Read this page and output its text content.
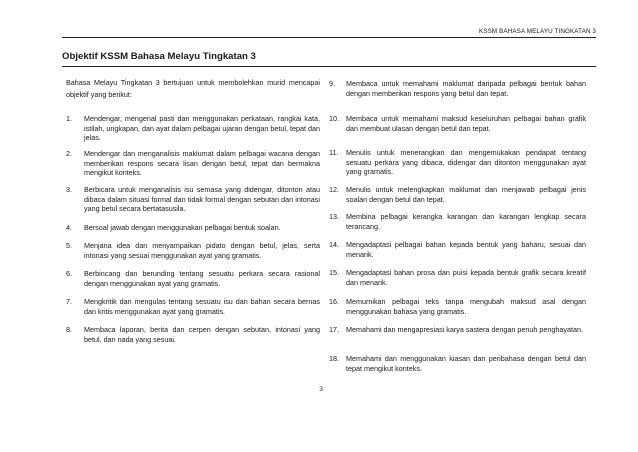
KSSM BAHASA MELAYU TINGKATAN 3
Objektif KSSM Bahasa Melayu Tingkatan 3
Bahasa Melayu Tingkatan 3 bertujuan untuk membolehkan murid mencapai objektif yang berikut:
1. Mendengar, mengenal pasti dan menggunakan perkataan, rangkai kata, istilah, ungkapan, dan ayat dalam pelbagai ujaran dengan betul, tepat dan jelas.
2. Mendengar dan menganalisis maklumat dalam pelbagai wacana dengan memberikan respons secara lisan dengan betul, tepat dan bermakna mengikut konteks.
3. Berbicara untuk menganalisis isu semasa yang didengar, ditonton atau dibaca dalam situasi formal dan tidak formal dengan sebutan dan intonasi yang betul secara bertatasusila.
4. Bersoal jawab dengan menggunakan pelbagai bentuk soalan.
5. Menjana idea dan menyampaikan pidato dengan betul, jelas, serta intonasi yang sesuai menggunakan ayat yang gramatis.
6. Berbincang dan berunding tentang sesuatu perkara secara rasional dengan menggunakan ayat yang gramatis.
7. Mengkritik dan mengulas tentang sesuatu isu dan bahan secara bernas dan kritis menggunakan ayat yang gramatis.
8. Membaca laporan, berita dan cerpen dengan sebutan, intonasi yang betul, dan nada yang sesuai.
9. Membaca untuk memahami maklumat daripada pelbagai bentuk bahan dengan memberikan respons yang betul dan tepat.
10. Membaca untuk memahami maksud keseluruhan pelbagai bahan grafik dan membuat ulasan dengan betul dan tepat.
11. Menulis untuk menerangkan dan mengemukakan pendapat tentang sesuatu perkara yang dibaca, didengar dan ditonton menggunakan ayat yang gramatis.
12. Menulis untuk melengkapkan maklumat dan menjawab pelbagai jenis soalan dengan betul dan tepat.
13. Membina pelbagai kerangka karangan dan karangan lengkap secara terancang.
14. Mengadaptasi pelbagai bahan kepada bentuk yang baharu, sesuai dan menarik.
15. Mengadaptasi bahan prosa dan puisi kepada bentuk grafik secara kreatif dan menarik.
16. Memurnikan pelbagai teks tanpa mengubah maksud asal dengan menggunakan bahasa yang gramatis.
17. Memahami dan mengapresiasi karya sastera dengan penuh penghayatan.
18. Memahami dan menggunakan kiasan dan peribahasa dengan betul dan tepat mengikut konteks.
3
